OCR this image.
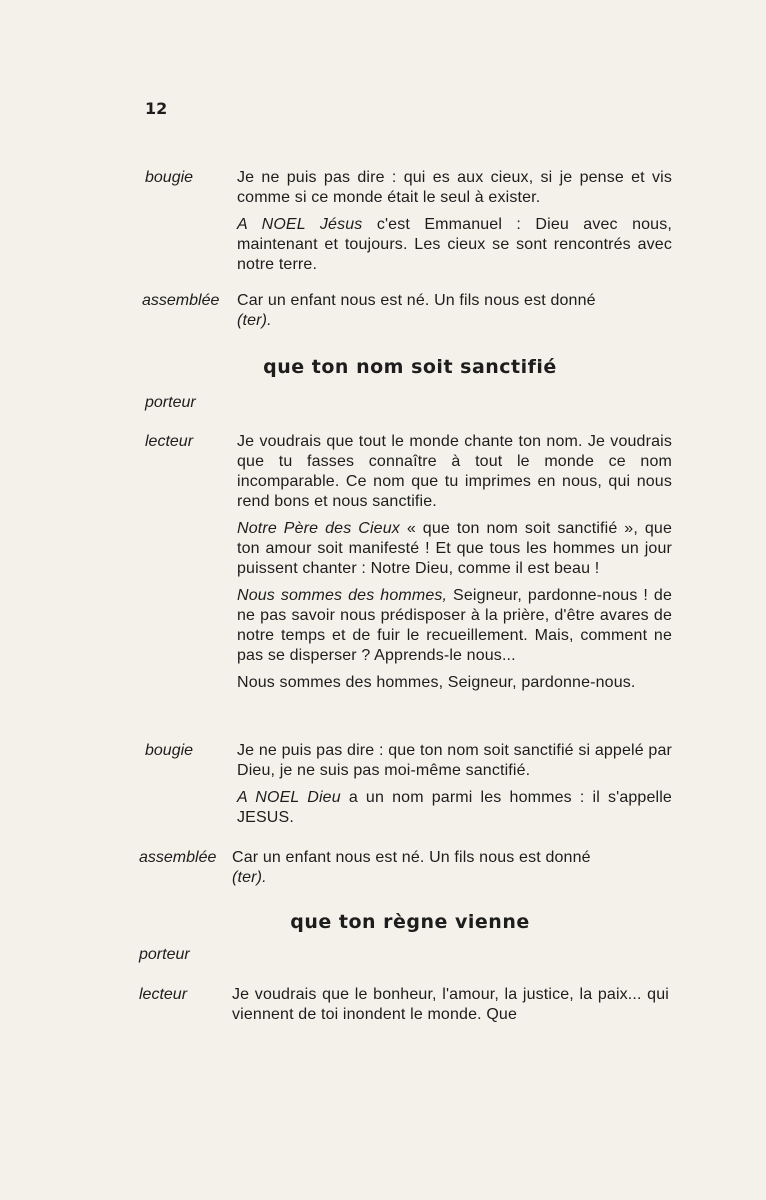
12
bougie	Je ne puis pas dire : qui es aux cieux, si je pense et vis comme si ce monde était le seul à exister.

A NOEL Jésus c'est Emmanuel : Dieu avec nous, maintenant et toujours. Les cieux se sont rencontrés avec notre terre.

assemblée Car un enfant nous est né. Un fils nous est donné
(ter).

que ton nom soit sanctifié
porteur
lecteur	Je voudrais que tout le monde chante ton nom. Je voudrais que tu fasses connaître à tout le monde ce nom incomparable. Ce nom que tu imprimes en nous, qui nous rend bons et nous sanctifie.

Notre Père des Cieux « que ton nom soit sanctifié », que ton amour soit manifesté ! Et que tous les hommes un jour puissent chanter : Notre Dieu, comme il est beau !

Nous sommes des hommes, Seigneur, pardonne-nous ! de ne pas savoir nous prédisposer à la prière, d'être avares de notre temps et de fuir le recueillement. Mais, comment ne pas se disperser ? Apprends-le nous...

Nous sommes des hommes, Seigneur, pardonne-nous.

bougie	Je ne puis pas dire : que ton nom soit sanctifié si appelé par Dieu, je ne suis pas moi-même sanctifié.

A NOEL Dieu a un nom parmi les hommes : il s'appelle JESUS.

assemblée Car un enfant nous est né. Un fils nous est donné
(ter).

que ton règne vienne
porteur
lecteur	Je voudrais que le bonheur, l'amour, la justice, la paix... qui viennent de toi inondent le monde. Que
